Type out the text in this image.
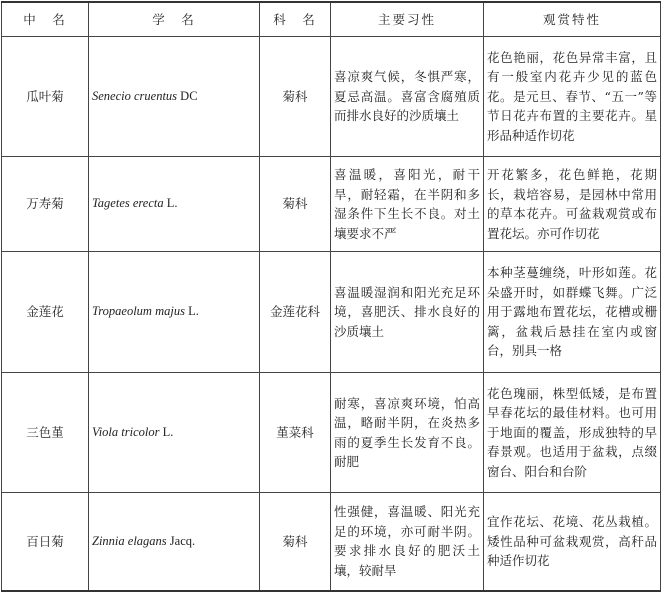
中　名	学　名	科　名	主要习性	观赏特性
瓜叶菊	Senecio cruentus DC	菊科	喜凉爽气候，冬惧严寒，夏忌高温。喜富含腐殖质而排水良好的沙质壤土	花色艳丽，花色异常丰富，且有一般室内花卉少见的蓝色花。是元旦、春节、“五一”等节日花卉布置的主要花卉。星形品种适作切花
万寿菊	Tagetes erecta L.	菊科	喜温暖，喜阳光，耐干旱，耐轻霜，在半阴和多湿条件下生长不良。对土壤要求不严	开花繁多，花色鲜艳，花期长，栽培容易，是园林中常用的草本花卉。可盆栽观赏或布置花坛。亦可作切花
金莲花	Tropaeolum majus L.	金莲花科	喜温暖湿润和阳光充足环境，喜肥沃、排水良好的沙质壤土	本种茎蔓缠绕，叶形如莲。花朵盛开时，如群蝶飞舞。广泛用于露地布置花坛，花槽或栅篱，盆栽后悬挂在室内或窗台，别具一格
三色堇	Viola tricolor L.	堇菜科	耐寒，喜凉爽环境，怕高温，略耐半阴，在炎热多雨的夏季生长发育不良。耐肥	花色瑰丽，株型低矮，是布置早春花坛的最佳材料。也可用于地面的覆盖，形成独特的早春景观。也适用于盆栽，点缀窗台、阳台和台阶
百日菊	Zinnia elagans Jacq.	菊科	性强健，喜温暖、阳光充足的环境，亦可耐半阴。要求排水良好的肥沃土壤，较耐旱	宜作花坛、花境、花丛栽植。矮性品种可盆栽观赏，高秆品种适作切花
